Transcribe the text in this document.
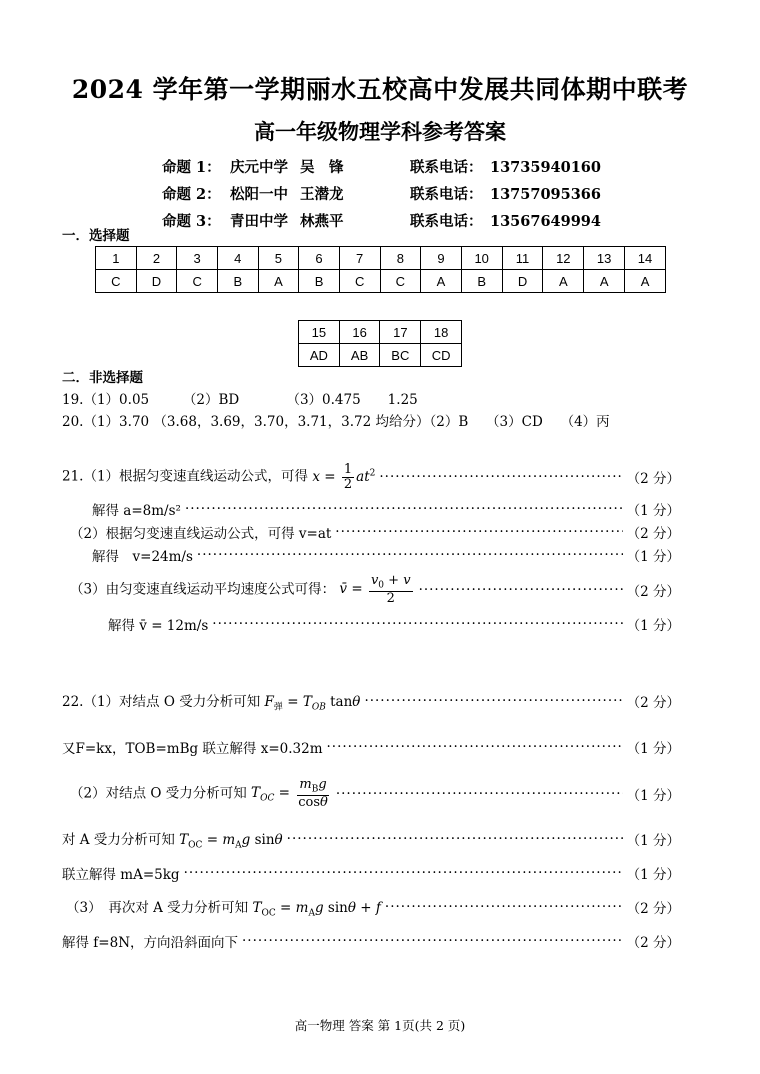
2024 学年第一学期丽水五校高中发展共同体期中联考
高一年级物理学科参考答案
命题 1： 庆元中学 吴　锋	联系电话： 13735940160
命题 2： 松阳一中 王潜龙	联系电话： 13757095366
命题 3： 青田中学 林燕平	联系电话： 13567649994
一．选择题
1	2	3	4	5	6	7	8	9	10	11	12	13	14
C	D	C	B	A	B	C	C	A	B	D	A	A	A
15	16	17	18
AD	AB	BC	CD
二．非选择题
19.（1）0.05　　　（2）BD　　　　（3）0.475　　1.25
20.（1）3.70 （3.68，3.69，3.70，3.71，3.72 均给分）（2）B　 （3）CD　 （4）丙
21.（1）根据匀变速直线运动公式，可得 $x = \frac{1}{2} at^2$ ·····	（2 分）
解得 a=8m/s² ·····	（1 分）
（2）根据匀变速直线运动公式，可得 v=at ·····	（2 分）
解得　v=24m/s ·····	（1 分）
（3）由匀变速直线运动平均速度公式可得： v̄ = $\frac{v_0 + v}{2}$ ·····	（2 分）
解得 v̄ = 12m/s ·····	（1 分）
22.（1）对结点 O 受力分析可知 $F_弹 = T_{OB}$ tanθ ·····	（2 分）
又F=kx，TOB=mBg 联立解得 x=0.32m ·····	（1 分）
（2）对结点 O 受力分析可知 $T_{OC} = \frac{m_Bg}{\cos\theta}$ ·····	（1 分）
对 A 受力分析可知 $T_{OC} = m_Ag$ sinθ ·····	（1 分）
联立解得 mA=5kg ·····	（1 分）
（3）　再次对 A 受力分析可知 $T_{OC} = m_Ag$ sinθ + f ·····	（2 分）
解得 f=8N，方向沿斜面向下 ·····	（2 分）
高一物理 答案 第 1页(共 2 页)
